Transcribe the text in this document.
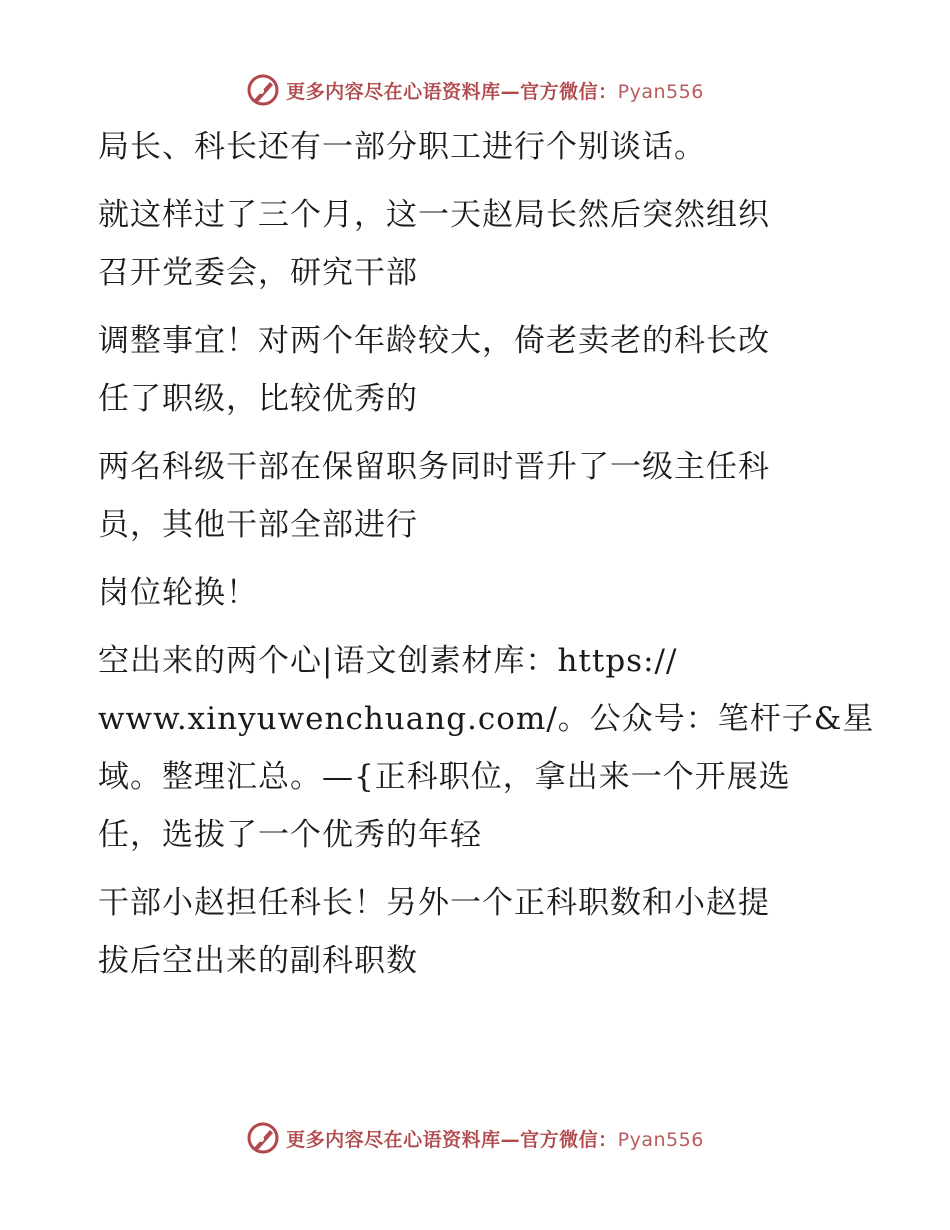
更多内容尽在心语资料库—官方微信：Pyan556

局长、科长还有一部分职工进行个别谈话。

就这样过了三个月，这一天赵局长然后突然组织

召开党委会，研究干部

调整事宜！对两个年龄较大，倚老卖老的科长改

任了职级，比较优秀的

两名科级干部在保留职务同时晋升了一级主任科

员，其他干部全部进行

岗位轮换！

空出来的两个心|语文创素材库：https://

www.xinyuwenchuang.com/。公众号：笔杆子&星

域。整理汇总。—{正科职位，拿出来一个开展选

任，选拔了一个优秀的年轻

干部小赵担任科长！另外一个正科职数和小赵提

拔后空出来的副科职数

更多内容尽在心语资料库—官方微信：Pyan556
